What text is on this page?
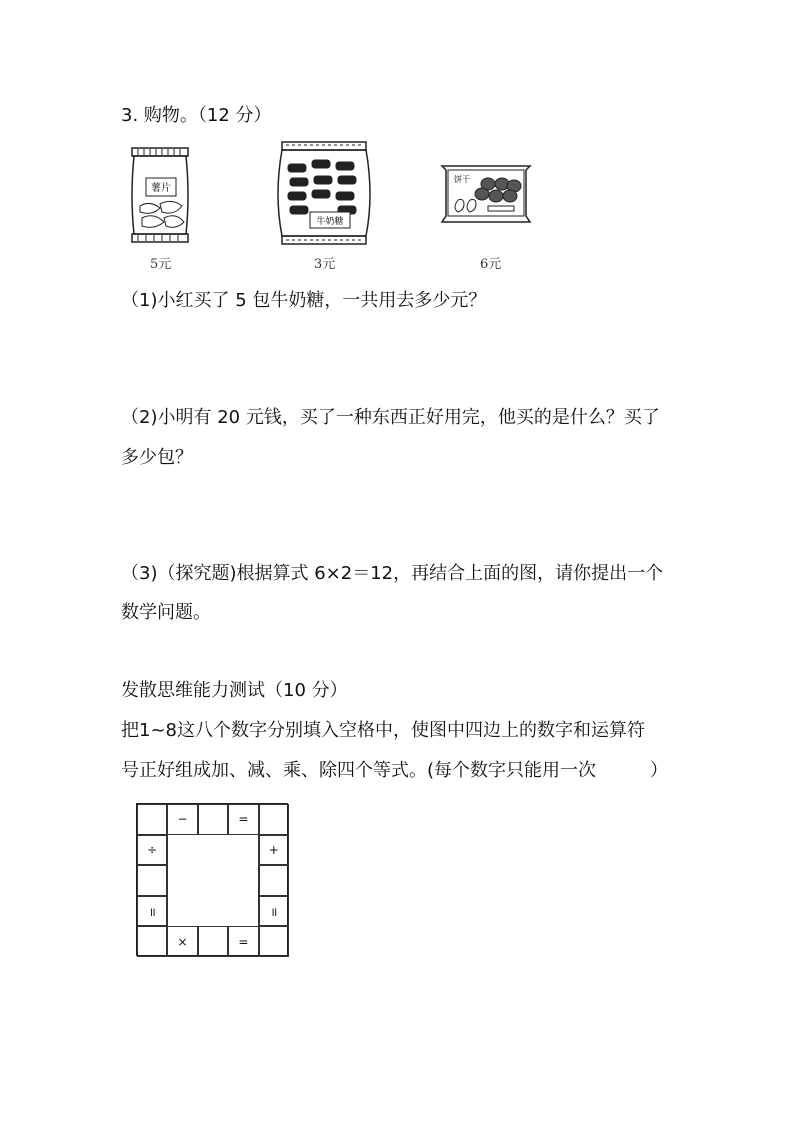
3. 购物。（12 分）
薯片
5元
牛奶糖
3元
饼干
6元
（1)小红买了 5 包牛奶糖，一共用去多少元？
（2)小明有 20 元钱，买了一种东西正好用完，他买的是什么？买了
多少包？
（3)（探究题)根据算式 6×2＝12，再结合上面的图，请你提出一个
数学问题。
发散思维能力测试（10 分）
把1~8这八个数字分别填入空格中，使图中四边上的数字和运算符
号正好组成加、减、乘、除四个等式。(每个数字只能用一次　　　）
−	=
÷	+
॥	॥
×	=
